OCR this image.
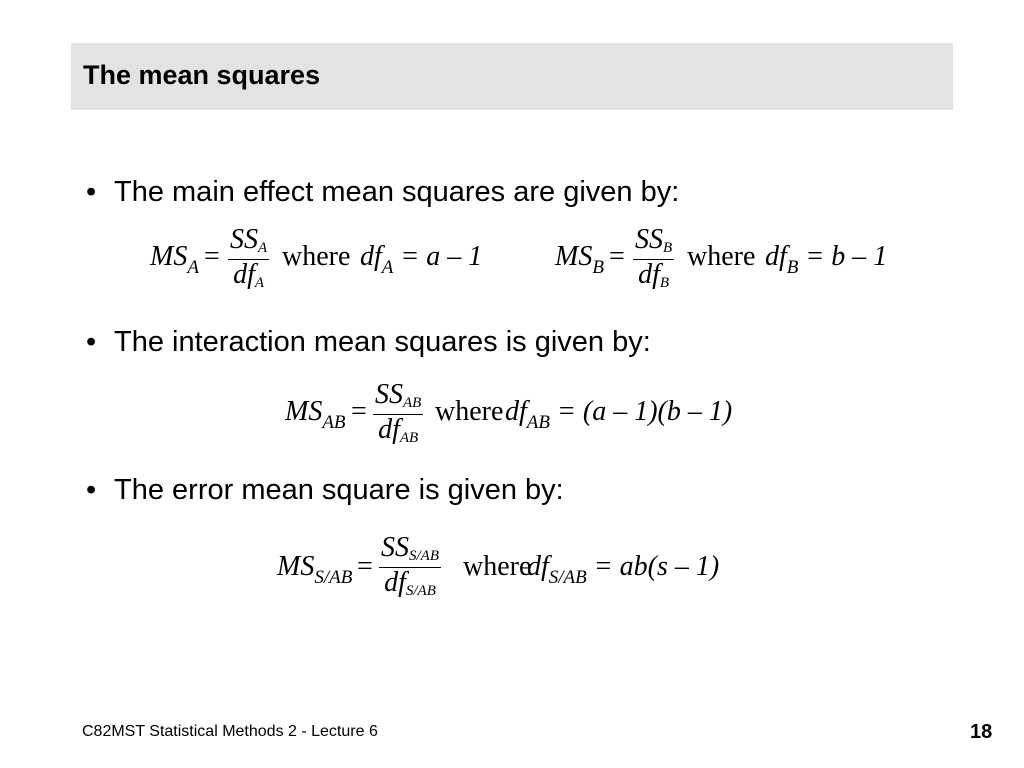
The mean squares
• The main effect mean squares are given by:
$MS_A$ =
SSA
dfA
where $df_A = a - 1$	$MS_B$ =
SSB
dfB
where $df_B = b - 1$
• The interaction mean squares is given by:
$MS_{AB}$ =
SSAB
dfAB
where $df_{AB} = (a - 1)(b - 1)$
• The error mean square is given by:
$MS_{S/AB}$ =
SSS/AB
dfS/AB
where
$df_{S/AB} = ab(s - 1)$
C82MST Statistical Methods 2 - Lecture 6	18
